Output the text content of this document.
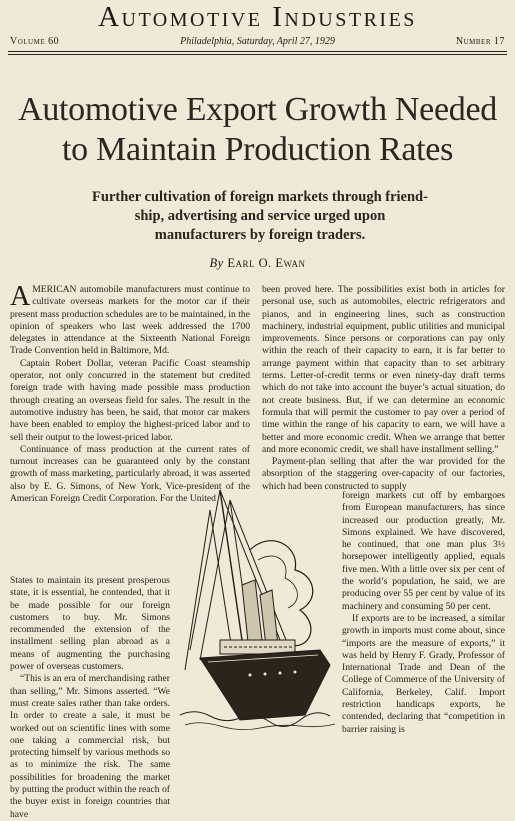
Automotive Industries
Volume 60	Philadelphia, Saturday, April 27, 1929	Number 17
Automotive Export Growth Needed
to Maintain Production Rates
Further cultivation of foreign markets through friend-
ship, advertising and service urged upon
manufacturers by foreign traders.
By Earl O. Ewan

AMERICAN automobile manufacturers must continue to cultivate overseas markets for the motor car if their present mass production schedules are to be maintained, in the opinion of speakers who last week addressed the 1700 delegates in attendance at the Sixteenth National Foreign Trade Convention held in Baltimore, Md.

Captain Robert Dollar, veteran Pacific Coast steamship operator, not only concurred in the statement but credited foreign trade with having made possible mass production through creating an overseas field for sales. The result in the automotive industry has been, he said, that motor car makers have been enabled to employ the highest-priced labor and to sell their output to the lowest-priced labor.

Continuance of mass production at the current rates of turnout increases can be guaranteed only by the constant growth of mass marketing, particularly abroad, it was asserted also by E. G. Simons, of New York, Vice-president of the American Foreign Credit Corporation. For the United

States to maintain its present prosperous state, it is essential, he contended, that it be made possible for our foreign customers to buy. Mr. Simons recommended the extension of the installment selling plan abroad as a means of augmenting the purchasing power of overseas customers.

“This is an era of merchandising rather than selling,” Mr. Simons asserted. “We must create sales rather than take orders. In order to create a sale, it must be worked out on scientific lines with some one taking a commercial risk, but protecting himself by various methods so as to minimize the risk. The same possibilities for broadening the market by putting the product within the reach of the buyer exist in foreign countries that have

been proved here. The possibilities exist both in articles for personal use, such as automobiles, electric refrigerators and pianos, and in engineering lines, such as construction machinery, industrial equipment, public utilities and municipal improvements. Since persons or corporations can pay only within the reach of their capacity to earn, it is far better to arrange payment within that capacity than to set arbitrary terms. Letter-of-credit terms or even ninety-day draft terms which do not take into account the buyer’s actual situation, do not create business. But, if we can determine an economic formula that will permit the customer to pay over a period of time within the range of his capacity to earn, we will have a better and more economic credit. When we arrange that better and more economic credit, we shall have installment selling.”

Payment-plan selling that after the war provided for the absorption of the staggering over-capacity of our factories, which had been constructed to supply

foreign markets cut off by embargoes from European manufacturers, has since increased our production greatly, Mr. Simons explained. We have discovered, he continued, that one man plus 3½ horsepower intelligently applied, equals five men. With a little over six per cent of the world’s population, he said, we are producing over 55 per cent by value of its machinery and consuming 50 per cent.

If exports are to be increased, a similar growth in imports must come about, since “imports are the measure of exports,” it was held by Henry F. Grady, Professor of International Trade and Dean of the College of Commerce of the University of California, Berkeley, Calif. Import restriction handicaps exports, he contended, declaring that “competition in barrier raising is
